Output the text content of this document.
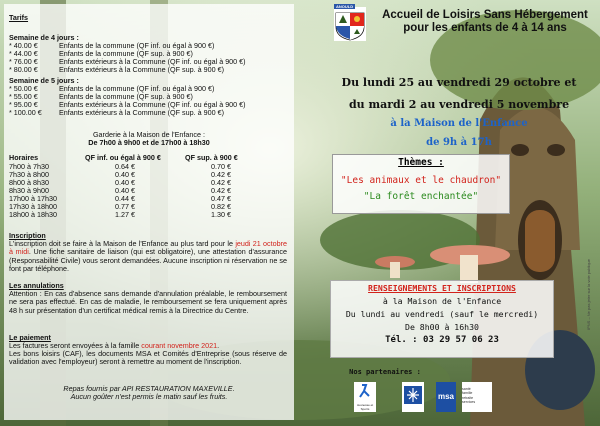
Tarifs
Semaine de 4 jours :
* 40.00 €	Enfants de la commune (QF inf. ou égal à 900 €)
* 44.00 €	Enfants de la commune (QF sup. à 900 €)
* 76.00 €	Enfants extérieurs à la Commune (QF inf. ou égal à 900 €)
* 80.00 €	Enfants extérieurs à la Commune (QF sup. à 900 €)
Semaine de 5 jours :
* 50.00 €	Enfants de la commune (QF inf. ou égal à 900 €)
* 55.00 €	Enfants de la commune (QF sup. à 900 €)
* 95.00 €	Enfants extérieurs à la Commune (QF inf. ou égal à 900 €)
* 100.00 € Enfants extérieurs à la Commune (QF sup. à 900 €)
Garderie à la Maison de l'Enfance :
De 7h00 à 9h00 et de 17h00 à 18h30
Horaires	QF inf. ou égal à 900 €	QF sup. à 900 €
7h00 à 7h30	0.64 €	0.70 €
7h30 à 8h00	0.40 €	0.42 €
8h00 à 8h30	0.40 €	0.42 €
8h30 à 9h00	0.40 €	0.42 €
17h00 à 17h30	0.44 €	0.47 €
17h30 à 18h00	0.77 €	0.82 €
18h00 à 18h30	1.27 €	1.30 €
Inscription
L'inscription doit se faire à la Maison de l'Enfance au plus tard pour le jeudi 21 octobre à midi. Une fiche sanitaire de liaison (qui est obligatoire), une attestation d'assurance (Responsabilité Civile) vous seront demandées. Aucune inscription ni réservation ne se font par téléphone.
Les annulations
Attention : En cas d'absence sans demande d'annulation préalable, le remboursement ne sera pas effectué. En cas de maladie, le remboursement se fera uniquement après 48 h sur présentation d'un certificat médical remis à la Directrice du Centre.
Le paiement
Les factures seront envoyées à la famille courant novembre 2021.
Les bons loisirs (CAF), les documents MSA et Comités d'Entreprise (sous réserve de validation avec l'employeur) seront à remettre au moment de l'inscription.
Repas fournis par API RESTAURATION MAXEVILLE.
Aucun goûter n'est permis le matin sauf les fruits.
ANOULD
Accueil de Loisirs Sans Hébergement
pour les enfants de 4 à 14 ans
Du lundi 25 au vendredi 29 octobre et
du mardi 2 au vendredi 5 novembre
à la Maison de l'Enfance
de 9h à 17h
Thèmes :
"Les animaux et le chaudron"
"La forêt enchantée"
RENSEIGNEMENTS ET INSCRIPTIONS
à la Maison de l'Enfance
Du lundi au vendredi (sauf le mercredi)
De 8h00 à 16h30
Tél. : 03 29 57 06 23
Nos partenaires :
Jeunesse et Sports
msa
santé
famille
retraite
services
IPNS – Ne pas jeter sur la voie publique
